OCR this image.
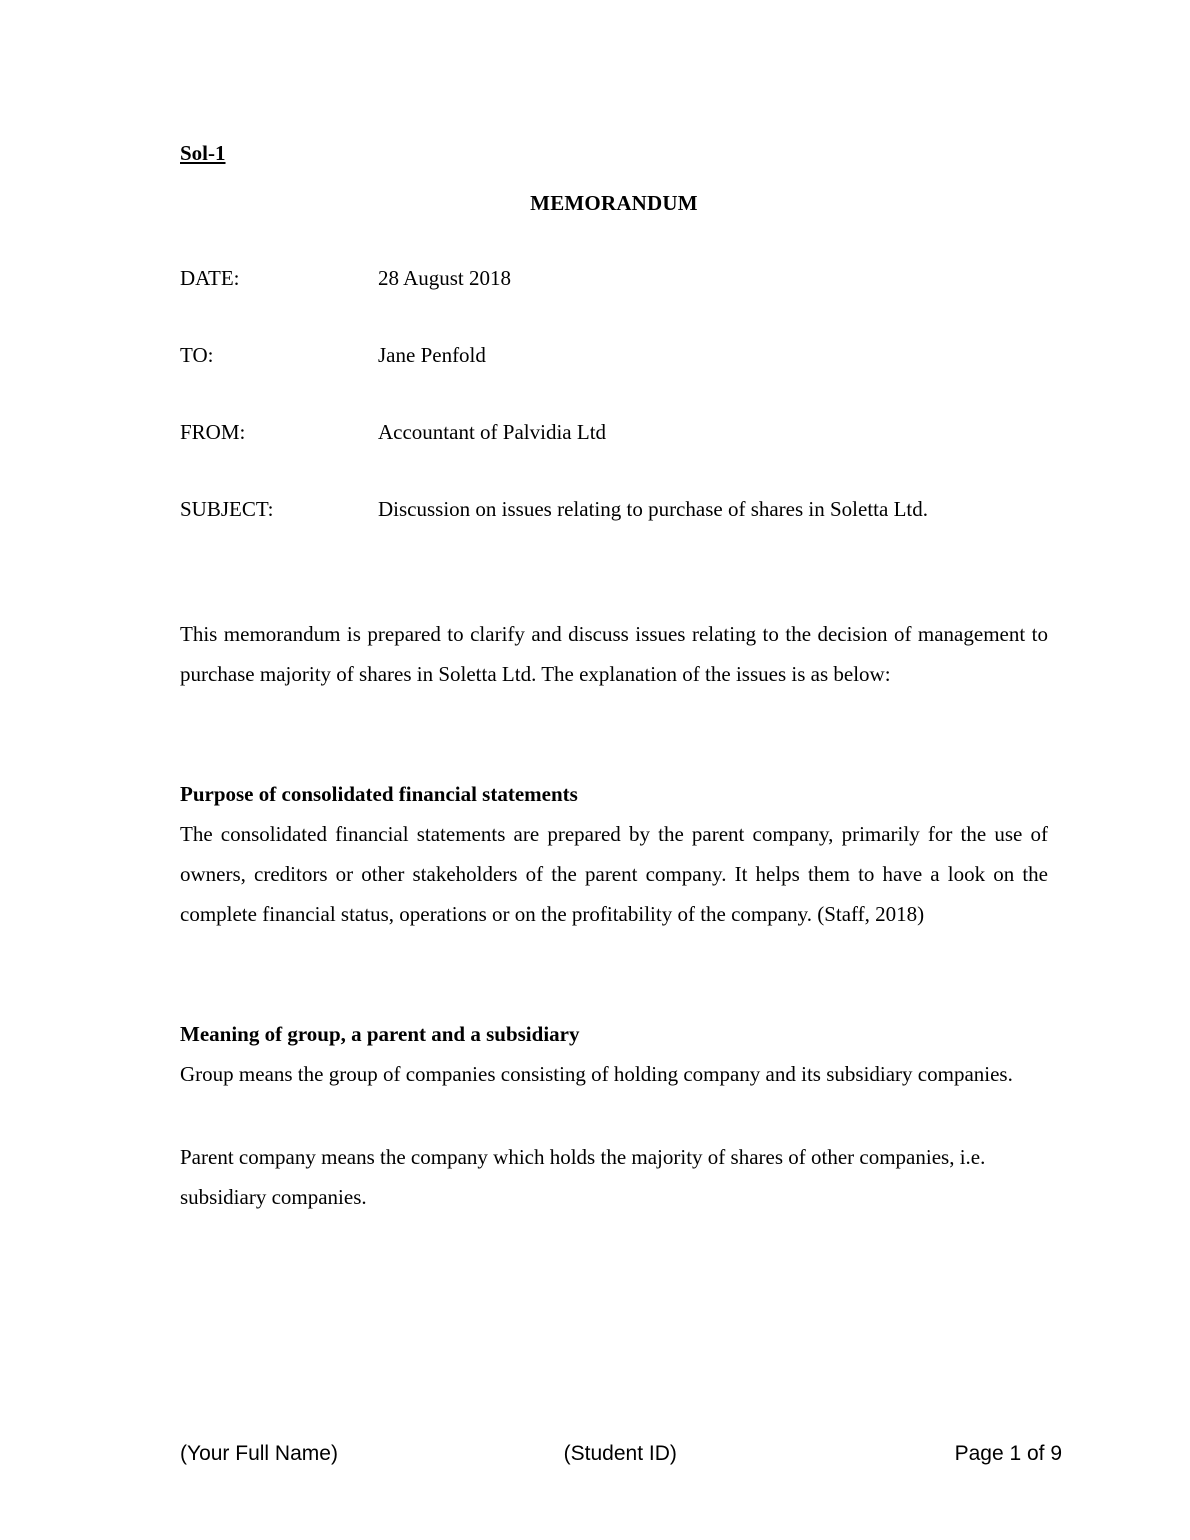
Sol-1
MEMORANDUM
DATE:	28 August 2018
TO:	Jane Penfold
FROM:	Accountant of Palvidia Ltd
SUBJECT:	Discussion on issues relating to purchase of shares in Soletta Ltd.

This memorandum is prepared to clarify and discuss issues relating to the decision of management to purchase majority of shares in Soletta Ltd. The explanation of the issues is as below:

Purpose of consolidated financial statements

The consolidated financial statements are prepared by the parent company, primarily for the use of owners, creditors or other stakeholders of the parent company. It helps them to have a look on the complete financial status, operations or on the profitability of the company. (Staff, 2018)

Meaning of group, a parent and a subsidiary

Group means the group of companies consisting of holding company and its subsidiary companies.

Parent company means the company which holds the majority of shares of other companies, i.e. subsidiary companies.

(Your Full Name)	(Student ID)	Page 1 of 9
